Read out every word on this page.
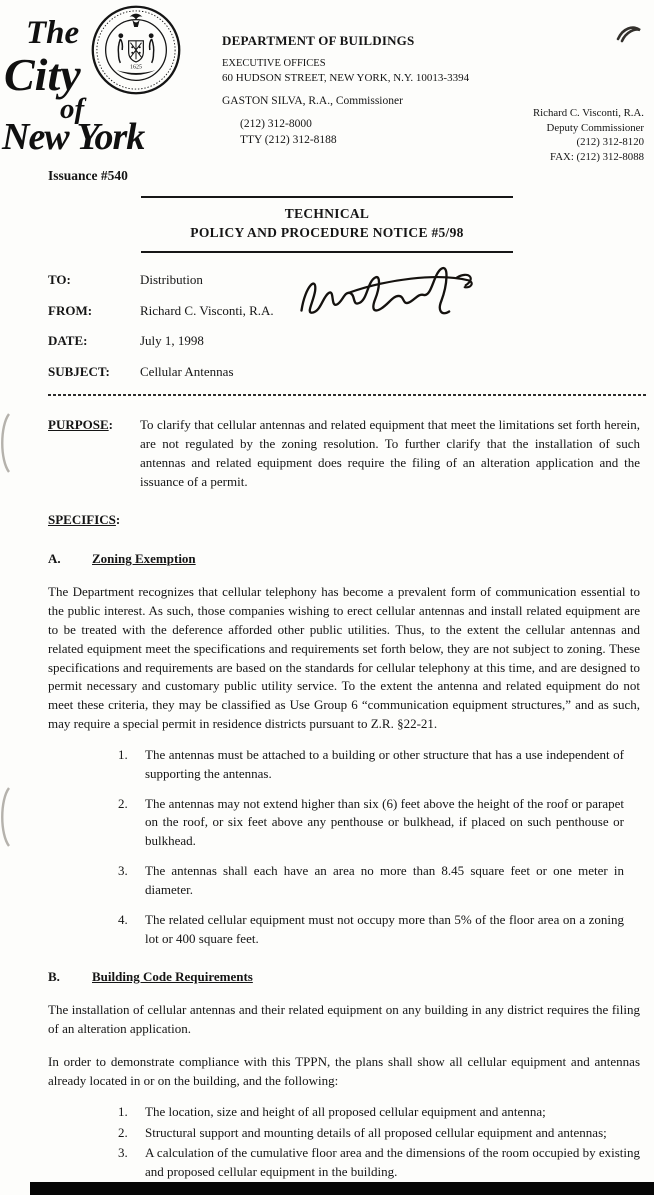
The
City
of
New York
1625
DEPARTMENT OF BUILDINGS
EXECUTIVE OFFICES
60 HUDSON STREET, NEW YORK, N.Y. 10013-3394
GASTON SILVA, R.A., Commissioner
(212) 312-8000
TTY (212) 312-8188
Richard C. Visconti, R.A.
Deputy Commissioner
(212) 312-8120
FAX: (212) 312-8088
Issuance #540
TECHNICAL
POLICY AND PROCEDURE NOTICE #5/98
TO:	Distribution
FROM:	Richard C. Visconti, R.A.
DATE:	July 1, 1998
SUBJECT:	Cellular Antennas
PURPOSE:	To clarify that cellular antennas and related equipment that meet the limitations set forth herein, are not regulated by the zoning resolution. To further clarify that the installation of such antennas and related equipment does require the filing of an alteration application and the issuance of a permit.
SPECIFICS:
A. Zoning Exemption
The Department recognizes that cellular telephony has become a prevalent form of communication essential to the public interest. As such, those companies wishing to erect cellular antennas and install related equipment are to be treated with the deference afforded other public utilities. Thus, to the extent the cellular antennas and related equipment meet the specifications and requirements set forth below, they are not subject to zoning. These specifications and requirements are based on the standards for cellular telephony at this time, and are designed to permit necessary and customary public utility service. To the extent the antenna and related equipment do not meet these criteria, they may be classified as Use Group 6 “communication equipment structures,” and as such, may require a special permit in residence districts pursuant to Z.R. §22-21.
1.	The antennas must be attached to a building or other structure that has a use independent of supporting the antennas.
2.	The antennas may not extend higher than six (6) feet above the height of the roof or parapet on the roof, or six feet above any penthouse or bulkhead, if placed on such penthouse or bulkhead.
3.	The antennas shall each have an area no more than 8.45 square feet or one meter in diameter.
4.	The related cellular equipment must not occupy more than 5% of the floor area on a zoning lot or 400 square feet.
B. Building Code Requirements
The installation of cellular antennas and their related equipment on any building in any district requires the filing of an alteration application.
In order to demonstrate compliance with this TPPN, the plans shall show all cellular equipment and antennas already located in or on the building, and the following:
1.	The location, size and height of all proposed cellular equipment and antenna;
2.	Structural support and mounting details of all proposed cellular equipment and antennas;
3.	A calculation of the cumulative floor area and the dimensions of the room occupied by existing and proposed cellular equipment in the building.
